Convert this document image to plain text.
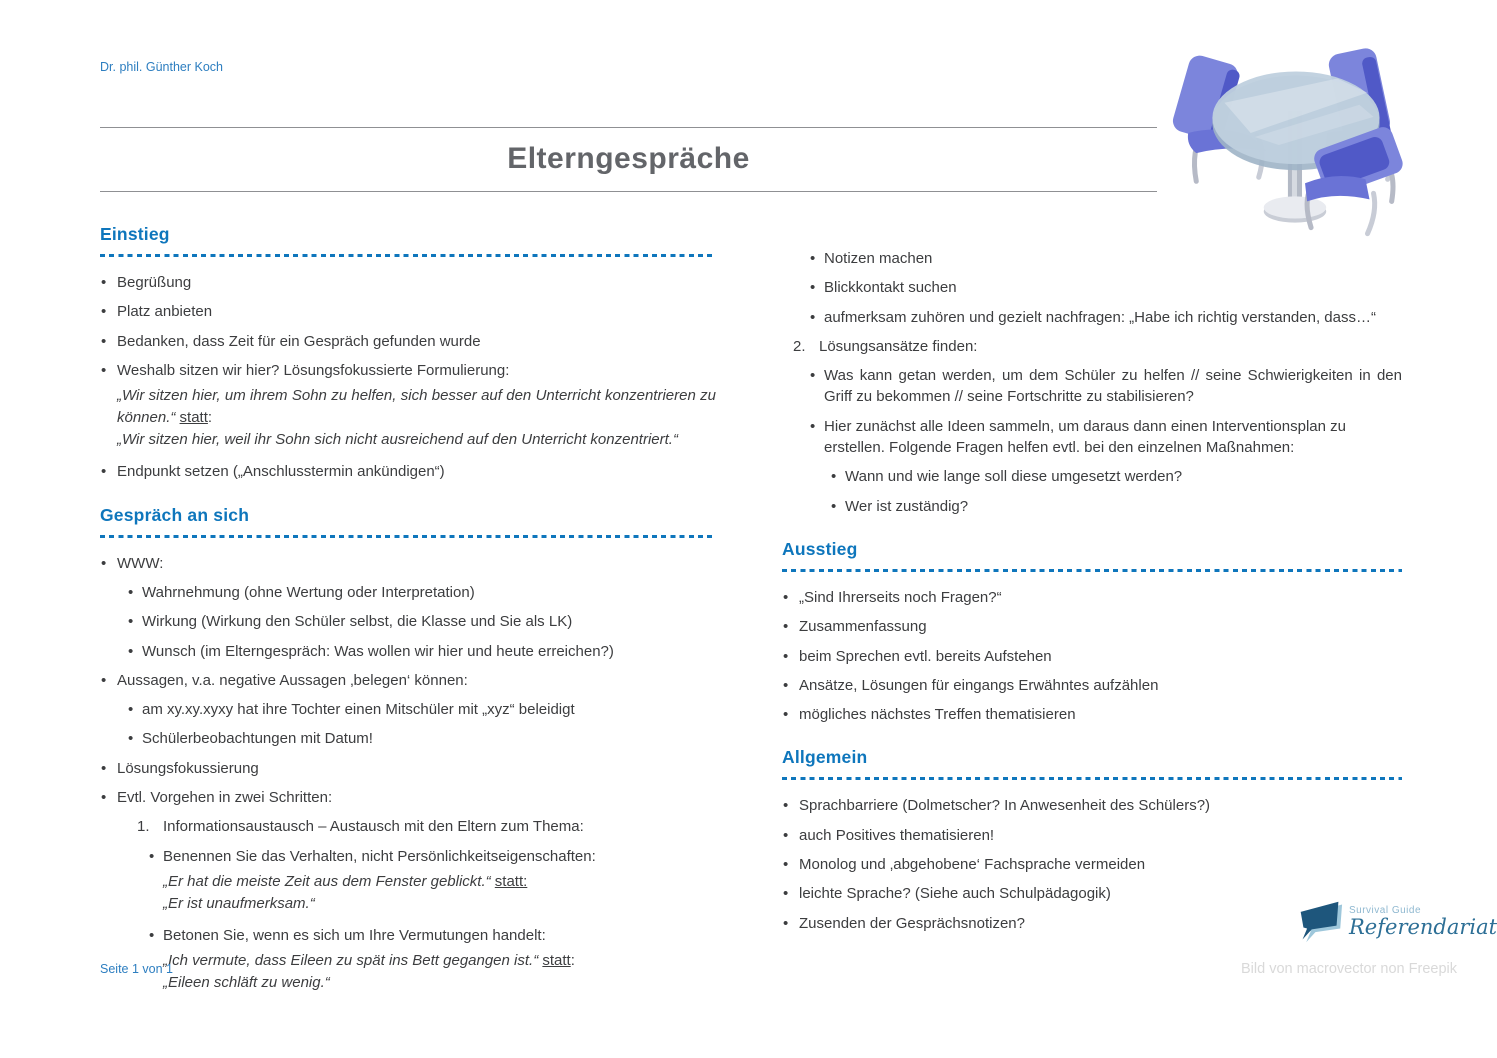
Dr. phil. Günther Koch
Elterngespräche
Einstieg
• Begrüßung
• Platz anbieten
• Bedanken, dass Zeit für ein Gespräch gefunden wurde
• Weshalb sitzen wir hier? Lösungsfokussierte Formulierung:
„Wir sitzen hier, um ihrem Sohn zu helfen, sich besser auf den Unterricht konzentrieren zu können.“ statt:
„Wir sitzen hier, weil ihr Sohn sich nicht ausreichend auf den Unterricht konzentriert.“
• Endpunkt setzen („Anschlusstermin ankündigen“)
Gespräch an sich
• WWW:
• Wahrnehmung (ohne Wertung oder Interpretation)
• Wirkung (Wirkung den Schüler selbst, die Klasse und Sie als LK)
• Wunsch (im Elterngespräch: Was wollen wir hier und heute erreichen?)
• Aussagen, v.a. negative Aussagen ‚belegen‘ können:
• am xy.xy.xyxy hat ihre Tochter einen Mitschüler mit „xyz“ beleidigt
• Schülerbeobachtungen mit Datum!
• Lösungsfokussierung
• Evtl. Vorgehen in zwei Schritten:
1. Informationsaustausch – Austausch mit den Eltern zum Thema:
• Benennen Sie das Verhalten, nicht Persönlichkeitseigenschaften:
„Er hat die meiste Zeit aus dem Fenster geblickt.“ statt:
„Er ist unaufmerksam.“
• Betonen Sie, wenn es sich um Ihre Vermutungen handelt:
„Ich vermute, dass Eileen zu spät ins Bett gegangen ist.“ statt:
„Eileen schläft zu wenig.“
• Notizen machen
• Blickkontakt suchen
• aufmerksam zuhören und gezielt nachfragen: „Habe ich richtig verstanden, dass…“
2. Lösungsansätze finden:
• Was kann getan werden, um dem Schüler zu helfen // seine Schwierigkeiten in den Griff zu bekommen // seine Fortschritte zu stabilisieren?
• Hier zunächst alle Ideen sammeln, um daraus dann einen Interventionsplan zu erstellen. Folgende Fragen helfen evtl. bei den einzelnen Maßnahmen:
• Wann und wie lange soll diese umgesetzt werden?
• Wer ist zuständig?
Ausstieg
• „Sind Ihrerseits noch Fragen?“
• Zusammenfassung
• beim Sprechen evtl. bereits Aufstehen
• Ansätze, Lösungen für eingangs Erwähntes aufzählen
• mögliches nächstes Treffen thematisieren
Allgemein
• Sprachbarriere (Dolmetscher? In Anwesenheit des Schülers?)
• auch Positives thematisieren!
• Monolog und ‚abgehobene‘ Fachsprache vermeiden
• leichte Sprache? (Siehe auch Schulpädagogik)
• Zusenden der Gesprächsnotizen?
Seite 1 von 1	Bild von macrovector non Freepik
Survival Guide
Referendariat
